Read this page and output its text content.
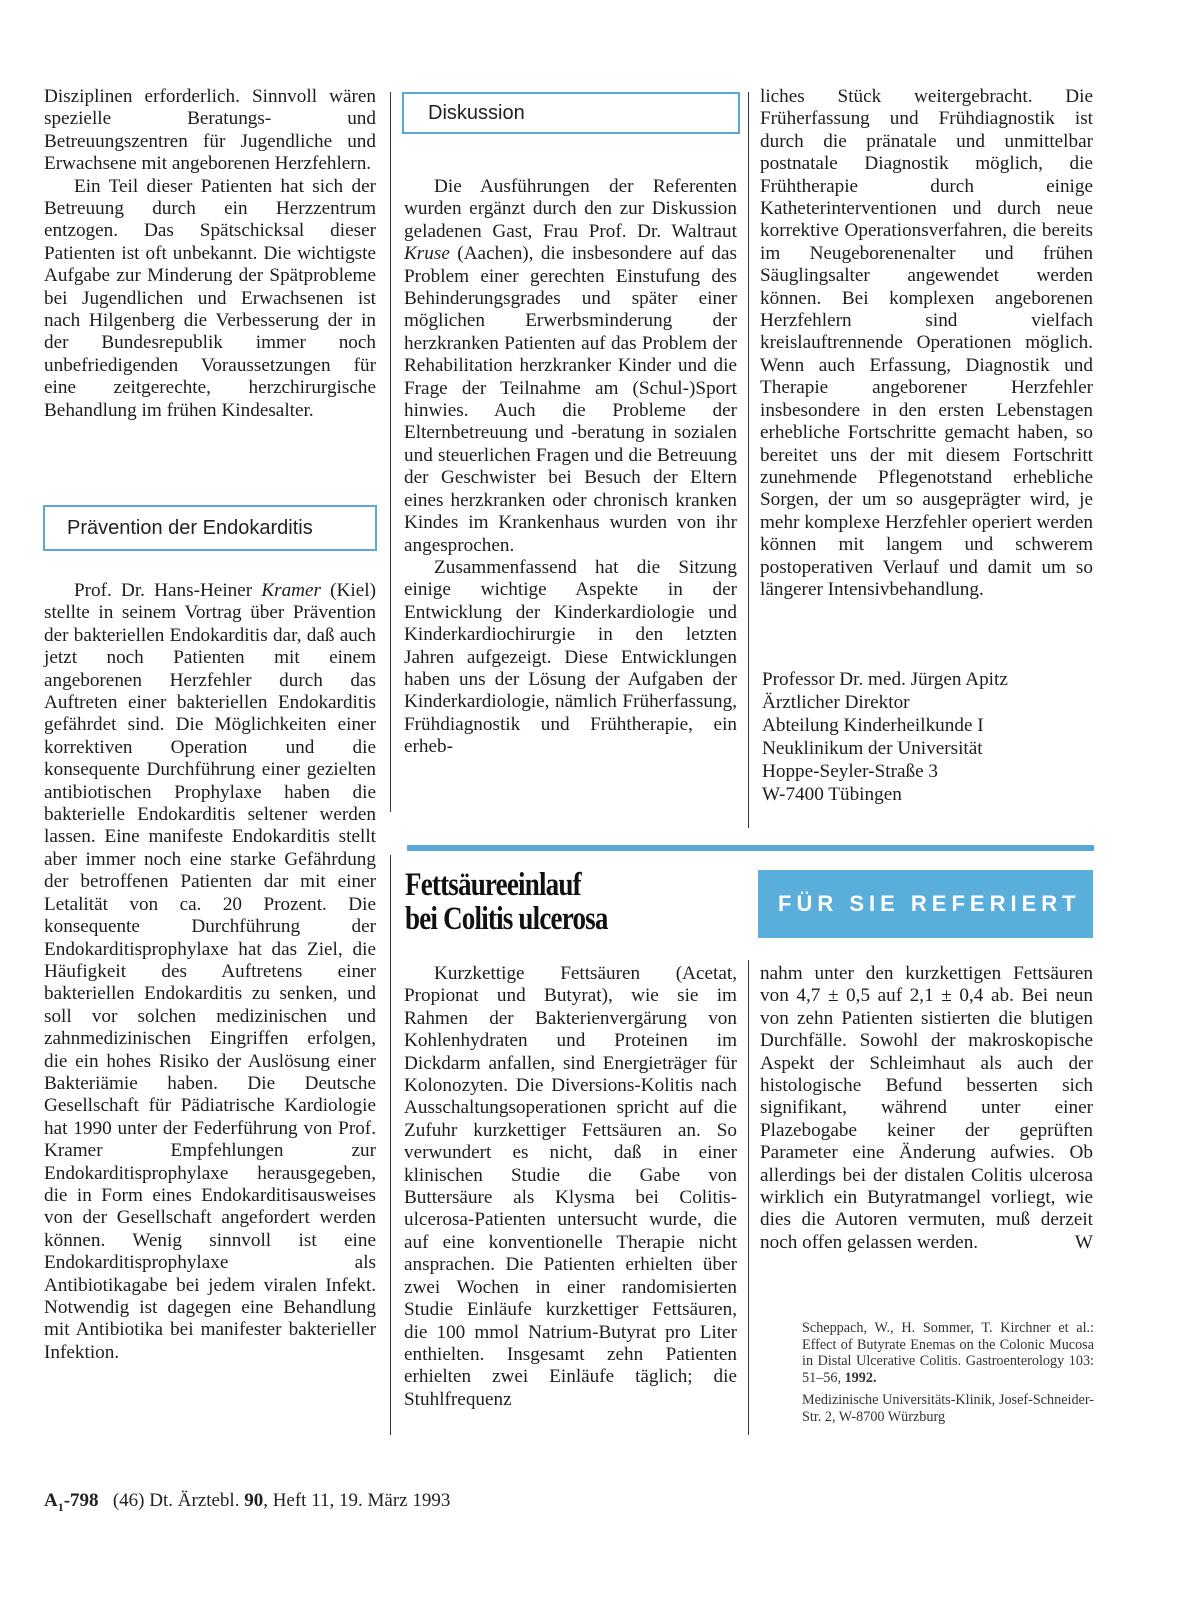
Disziplinen erforderlich. Sinnvoll wären spezielle Beratungs- und Betreuungszentren für Jugendliche und Erwachsene mit angeborenen Herzfehlern.

Ein Teil dieser Patienten hat sich der Betreuung durch ein Herzzentrum entzogen. Das Spätschicksal dieser Patienten ist oft unbekannt. Die wichtigste Aufgabe zur Minderung der Spätprobleme bei Jugendlichen und Erwachsenen ist nach Hilgenberg die Verbesserung der in der Bundesrepublik immer noch unbefriedigenden Voraussetzungen für eine zeitgerechte, herzchirurgische Behandlung im frühen Kindesalter.

Prävention der Endokarditis

Prof. Dr. Hans-Heiner Kramer (Kiel) stellte in seinem Vortrag über Prävention der bakteriellen Endokarditis dar, daß auch jetzt noch Patienten mit einem angeborenen Herzfehler durch das Auftreten einer bakteriellen Endokarditis gefährdet sind. Die Möglichkeiten einer korrektiven Operation und die konsequente Durchführung einer gezielten antibiotischen Prophylaxe haben die bakterielle Endokarditis seltener werden lassen. Eine manifeste Endokarditis stellt aber immer noch eine starke Gefährdung der betroffenen Patienten dar mit einer Letalität von ca. 20 Prozent. Die konsequente Durchführung der Endokarditisprophylaxe hat das Ziel, die Häufigkeit des Auftretens einer bakteriellen Endokarditis zu senken, und soll vor solchen medizinischen und zahnmedizinischen Eingriffen erfolgen, die ein hohes Risiko der Auslösung einer Bakteriämie haben. Die Deutsche Gesellschaft für Pädiatrische Kardiologie hat 1990 unter der Federführung von Prof. Kramer Empfehlungen zur Endokarditisprophylaxe herausgegeben, die in Form eines Endokarditisausweises von der Gesellschaft angefordert werden können. Wenig sinnvoll ist eine Endokarditisprophylaxe als Antibiotikagabe bei jedem viralen Infekt. Notwendig ist dagegen eine Behandlung mit Antibiotika bei manifester bakterieller Infektion.

Diskussion

Die Ausführungen der Referenten wurden ergänzt durch den zur Diskussion geladenen Gast, Frau Prof. Dr. Waltraut Kruse (Aachen), die insbesondere auf das Problem einer gerechten Einstufung des Behinderungsgrades und später einer möglichen Erwerbsminderung der herzkranken Patienten auf das Problem der Rehabilitation herzkranker Kinder und die Frage der Teilnahme am (Schul-)Sport hinwies. Auch die Probleme der Elternbetreuung und -beratung in sozialen und steuerlichen Fragen und die Betreuung der Geschwister bei Besuch der Eltern eines herzkranken oder chronisch kranken Kindes im Krankenhaus wurden von ihr angesprochen.

Zusammenfassend hat die Sitzung einige wichtige Aspekte in der Entwicklung der Kinderkardiologie und Kinderkardiochirurgie in den letzten Jahren aufgezeigt. Diese Entwicklungen haben uns der Lösung der Aufgaben der Kinderkardiologie, nämlich Früherfassung, Frühdiagnostik und Frühtherapie, ein erheb-

liches Stück weitergebracht. Die Früherfassung und Frühdiagnostik ist durch die pränatale und unmittelbar postnatale Diagnostik möglich, die Frühtherapie durch einige Katheterinterventionen und durch neue korrektive Operationsverfahren, die bereits im Neugeborenenalter und frühen Säuglingsalter angewendet werden können. Bei komplexen angeborenen Herzfehlern sind vielfach kreislauftrennende Operationen möglich. Wenn auch Erfassung, Diagnostik und Therapie angeborener Herzfehler insbesondere in den ersten Lebenstagen erhebliche Fortschritte gemacht haben, so bereitet uns der mit diesem Fortschritt zunehmende Pflegenotstand erhebliche Sorgen, der um so ausgeprägter wird, je mehr komplexe Herzfehler operiert werden können mit langem und schwerem postoperativen Verlauf und damit um so längerer Intensivbehandlung.

Professor Dr. med. Jürgen Apitz

Ärztlicher Direktor

Abteilung Kinderheilkunde I

Neuklinikum der Universität

Hoppe-Seyler-Straße 3

W-7400 Tübingen

Fettsäureeinlauf
bei Colitis ulcerosa	FÜR SIE REFERIERT

Kurzkettige Fettsäuren (Acetat, Propionat und Butyrat), wie sie im Rahmen der Bakterienvergärung von Kohlenhydraten und Proteinen im Dickdarm anfallen, sind Energieträger für Kolonozyten. Die Diversions-Kolitis nach Ausschaltungsoperationen spricht auf die Zufuhr kurzkettiger Fettsäuren an. So verwundert es nicht, daß in einer klinischen Studie die Gabe von Buttersäure als Klysma bei Colitis-ulcerosa-Patienten untersucht wurde, die auf eine konventionelle Therapie nicht ansprachen. Die Patienten erhielten über zwei Wochen in einer randomisierten Studie Einläufe kurzkettiger Fettsäuren, die 100 mmol Natrium-Butyrat pro Liter enthielten. Insgesamt zehn Patienten erhielten zwei Einläufe täglich; die Stuhlfrequenz

nahm unter den kurzkettigen Fettsäuren von 4,7 ± 0,5 auf 2,1 ± 0,4 ab. Bei neun von zehn Patienten sistierten die blutigen Durchfälle. Sowohl der makroskopische Aspekt der Schleimhaut als auch der histologische Befund besserten sich signifikant, während unter einer Plazebogabe keiner der geprüften Parameter eine Änderung aufwies. Ob allerdings bei der distalen Colitis ulcerosa wirklich ein Butyratmangel vorliegt, wie dies die Autoren vermuten, muß derzeit noch offen gelassen werden.	W

Scheppach, W., H. Sommer, T. Kirchner et al.: Effect of Butyrate Enemas on the Colonic Mucosa in Distal Ulcerative Colitis. Gastroenterology 103: 51–56, 1992.

Medizinische Universitäts-Klinik, Josef-Schneider-Str. 2, W-8700 Würzburg

$A_1-798$ (46) Dt. Ärztebl. 90, Heft 11, 19. März 1993
